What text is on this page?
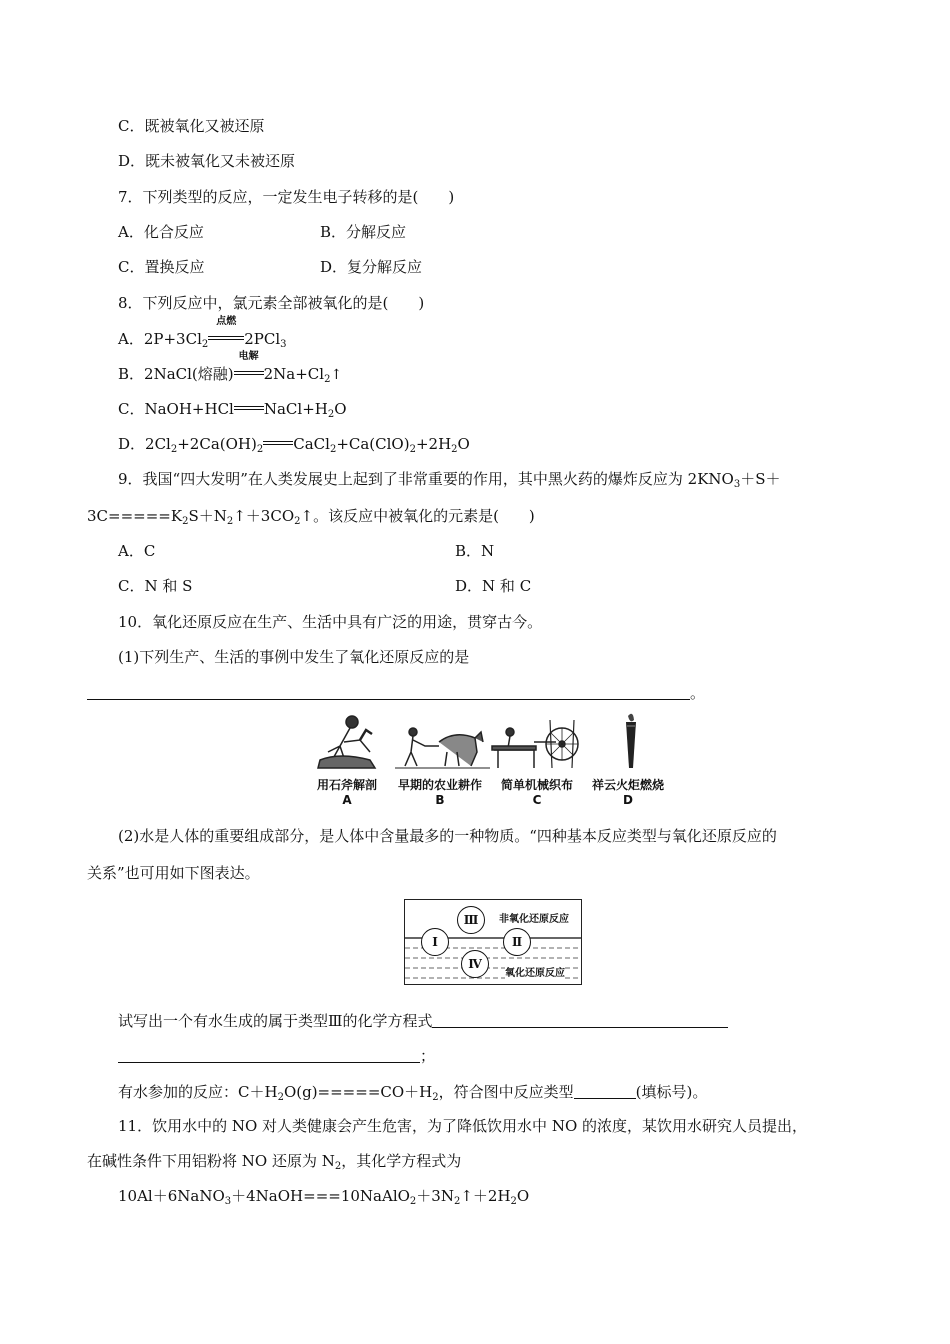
C．既被氧化又被还原
D．既未被氧化又未被还原
7．下列类型的反应，一定发生电子转移的是(　　)
A．化合反应	B．分解反应
C．置换反应	D．复分解反应
8．下列反应中，氯元素全部被氧化的是(　　)
A．$2P+3Cl_2$
点燃
2PCl$_3$
B．2NaCl(熔融)
电解
$2Na+Cl_2↑$
C．NaOH+HCl $NaCl+H_2O$
D．$2Cl_2+2Ca(OH)_2$ $CaCl_2+Ca(ClO)_2+2H_2O$
9．我国“四大发明”在人类发展史上起到了非常重要的作用，其中黑火药的爆炸反应为 $2KNO_3+S+$
$3C=====K_2S+N_2↑+3CO_2↑$。该反应中被氧化的元素是(　　)
A．C	B．N
C．N 和 S	D．N 和 C
10．氧化还原反应在生产、生活中具有广泛的用途，贯穿古今。
(1)下列生产、生活的事例中发生了氧化还原反应的是
。
用石斧解剖	早期的农业耕作	简单机械织布	祥云火炬燃烧
A	B	C	D
(2)水是人体的重要组成部分，是人体中含量最多的一种物质。“四种基本反应类型与氧化还原反应的
关系”也可用如下图表达。
Ⅲ
Ⅰ	Ⅱ
Ⅳ
非氧化还原反应
氧化还原反应
试写出一个有水生成的属于类型Ⅲ的化学方程式
；
有水参加的反应：$C+H_2O(g)=====CO+H_2$，符合图中反应类型	(填标号)。
11．饮用水中的 NO 对人类健康会产生危害，为了降低饮用水中 NO 的浓度，某饮用水研究人员提出，
在碱性条件下用铝粉将 NO 还原为 $N_2$，其化学方程式为
$10Al+6NaNO_3+4NaOH===10NaAlO_2+3N_2↑+2H_2O$
